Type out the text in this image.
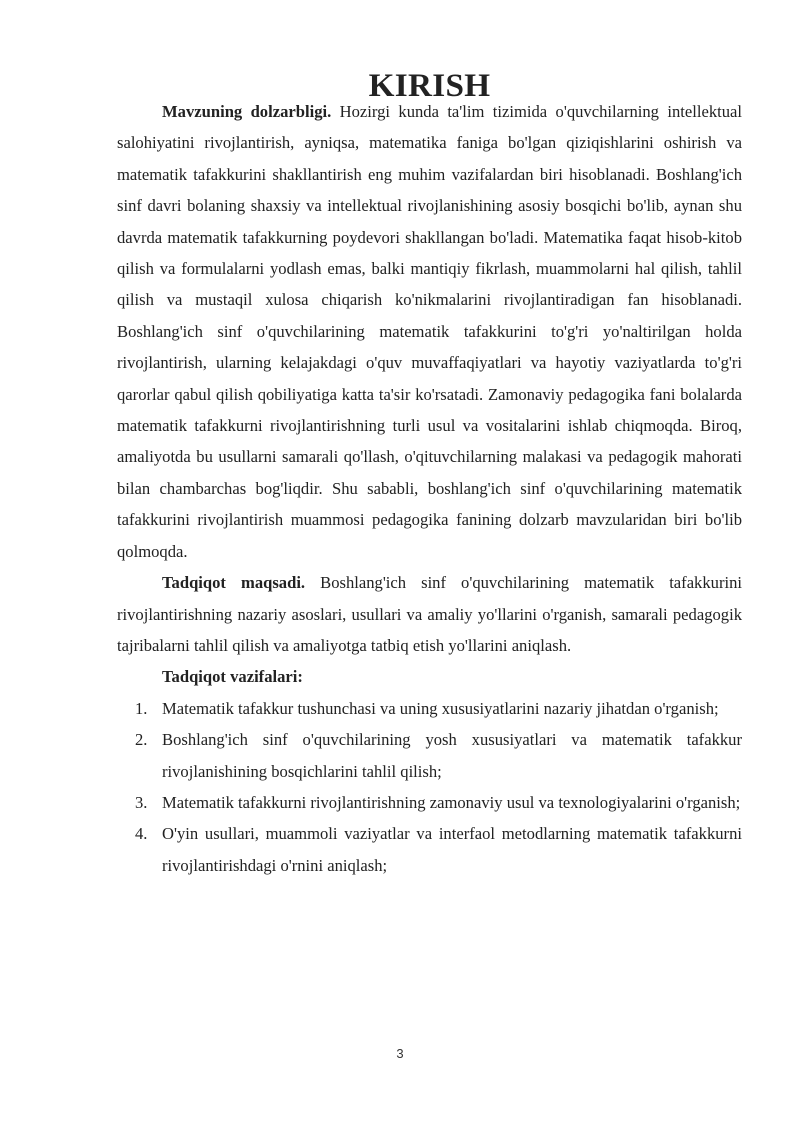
KIRISH

Mavzuning dolzarbligi. Hozirgi kunda ta'lim tizimida o'quvchilarning intellektual salohiyatini rivojlantirish, ayniqsa, matematika faniga bo'lgan qiziqishlarini oshirish va matematik tafakkurini shakllantirish eng muhim vazifalardan biri hisoblanadi. Boshlang'ich sinf davri bolaning shaxsiy va intellektual rivojlanishining asosiy bosqichi bo'lib, aynan shu davrda matematik tafakkurning poydevori shakllangan bo'ladi. Matematika faqat hisob-kitob qilish va formulalarni yodlash emas, balki mantiqiy fikrlash, muammolarni hal qilish, tahlil qilish va mustaqil xulosa chiqarish ko'nikmalarini rivojlantiradigan fan hisoblanadi. Boshlang'ich sinf o'quvchilarining matematik tafakkurini to'g'ri yo'naltirilgan holda rivojlantirish, ularning kelajakdagi o'quv muvaffaqiyatlari va hayotiy vaziyatlarda to'g'ri qarorlar qabul qilish qobiliyatiga katta ta'sir ko'rsatadi. Zamonaviy pedagogika fani bolalarda matematik tafakkurni rivojlantirishning turli usul va vositalarini ishlab chiqmoqda. Biroq, amaliyotda bu usullarni samarali qo'llash, o'qituvchilarning malakasi va pedagogik mahorati bilan chambarchas bog'liqdir. Shu sababli, boshlang'ich sinf o'quvchilarining matematik tafakkurini rivojlantirish muammosi pedagogika fanining dolzarb mavzularidan biri bo'lib qolmoqda.

Tadqiqot maqsadi. Boshlang'ich sinf o'quvchilarining matematik tafakkurini rivojlantirishning nazariy asoslari, usullari va amaliy yo'llarini o'rganish, samarali pedagogik tajribalarni tahlil qilish va amaliyotga tatbiq etish yo'llarini aniqlash.

Tadqiqot vazifalari:
1. Matematik tafakkur tushunchasi va uning xususiyatlarini nazariy jihatdan o'rganish;
2. Boshlang'ich sinf o'quvchilarining yosh xususiyatlari va matematik tafakkur rivojlanishining bosqichlarini tahlil qilish;
3. Matematik tafakkurni rivojlantirishning zamonaviy usul va texnologiyalarini o'rganish;
4. O'yin usullari, muammoli vaziyatlar va interfaol metodlarning matematik tafakkurni rivojlantirishdagi o'rnini aniqlash;
3
